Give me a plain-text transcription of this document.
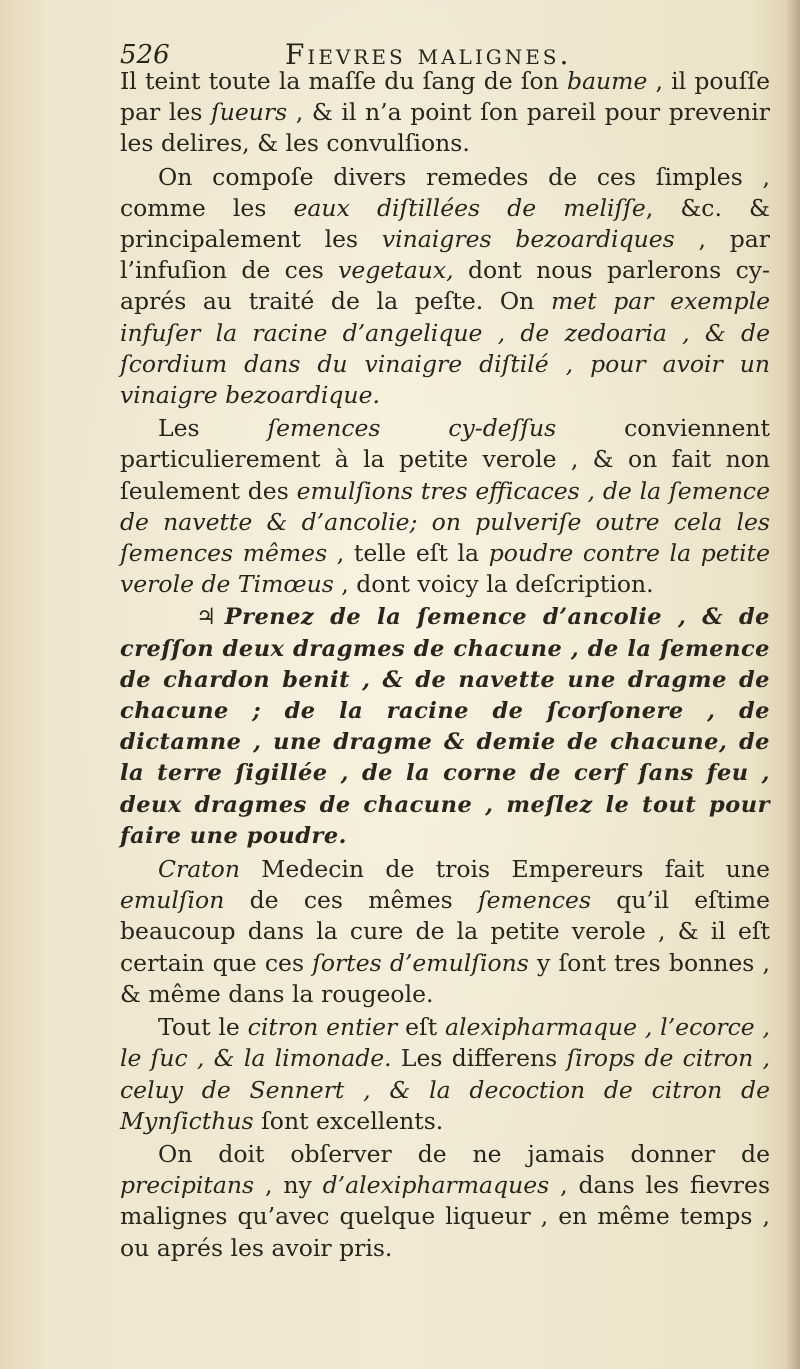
526	Fievres malignes.

Il teint toute la maſſe du ſang de ſon baume , il pouſſe par les ſueurs , & il n’a point ſon pareil pour prevenir les delires, & les convulſions.

On compoſe divers remedes de ces ſimples , comme les eaux diſtillées de meliſſe, &c. & principalement les vinaigres bezoardiques , par l’infuſion de ces vegetaux, dont nous parlerons cy-aprés au traité de la peſte. On met par exemple infuſer la racine d’angelique , de zedoaria , & de ſcordium dans du vinaigre diſtilé , pour avoir un vinaigre bezoardique.

Les ſemences cy-deſſus conviennent particulierement à la petite verole , & on fait non ſeulement des emulſions tres efficaces , de la ſemence de navette & d’ancolie; on pulveriſe outre cela les ſemences mêmes , telle eſt la poudre contre la petite verole de Timœus , dont voicy la deſcription.

♃ Prenez de la ſemence d’ancolie , & de creſſon deux dragmes de chacune , de la ſemence de chardon benit , & de navette une dragme de chacune ; de la racine de ſcorſonere , de dictamne , une dragme & demie de chacune, de la terre ſigillée , de la corne de cerf ſans feu , deux dragmes de chacune , meſlez le tout pour faire une poudre.

Craton Medecin de trois Empereurs fait une emulſion de ces mêmes ſemences qu’il eſtime beaucoup dans la cure de la petite verole , & il eſt certain que ces ſortes d’emulſions y ſont tres bonnes , & même dans la rougeole.

Tout le citron entier eſt alexipharmaque , l’ecorce , le ſuc , & la limonade. Les differens ſirops de citron , celuy de Sennert , & la decoction de citron de Mynſicthus ſont excellents.

On doit obſerver de ne jamais donner de precipitans , ny d’alexipharmaques , dans les fievres malignes qu’avec quelque liqueur , en même temps , ou aprés les avoir pris.
